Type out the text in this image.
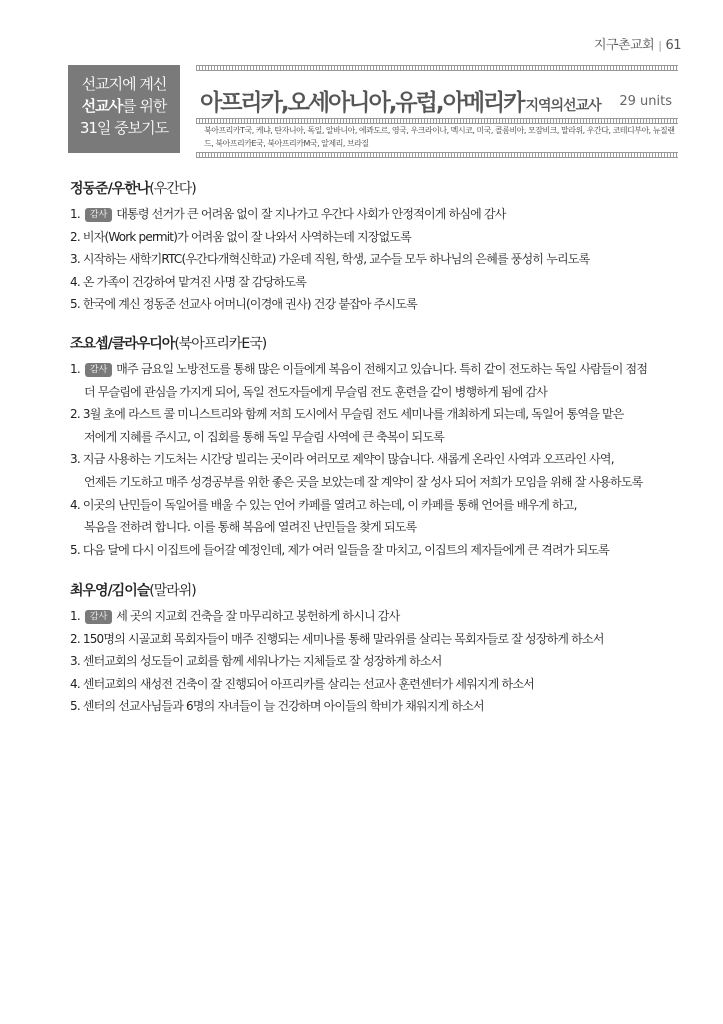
지구촌교회 | 61
선교지에 계신
선교사를 위한
31일 중보기도
아프리카,오세아니아,유럽,아메리카 지역의선교사 29 units
북아프리카T국, 케냐, 탄자니아, 독일, 알바니아, 에콰도르, 영국, 우크라이나, 멕시코, 미국, 콜롬비아, 모잠비크, 말라위, 우간다, 코테디부아, 뉴질랜드, 북아프리카E국, 북아프리카M국, 알제리, 브라질
정동준/우한나(우간다)
1. 감사 대통령 선거가 큰 어려움 없이 잘 지나가고 우간다 사회가 안정적이게 하심에 감사
2. 비자(Work permit)가 어려움 없이 잘 나와서 사역하는데 지장없도록
3. 시작하는 새학기RTC(우간다개혁신학교) 가운데 직원, 학생, 교수들 모두 하나님의 은혜를 풍성히 누리도록
4. 온 가족이 건강하여 맡겨진 사명 잘 감당하도록
5. 한국에 계신 정동준 선교사 어머니(이경애 권사) 건강 붙잡아 주시도록
조요셉/클라우디아(북아프리카E국)
1. 감사 매주 금요일 노방전도를 통해 많은 이들에게 복음이 전해지고 있습니다. 특히 같이 전도하는 독일 사람들이 점점
더 무슬림에 관심을 가지게 되어, 독일 전도자들에게 무슬림 전도 훈련을 같이 병행하게 됨에 감사
2. 3월 초에 라스트 콜 미니스트리와 함께 저희 도시에서 무슬림 전도 세미나를 개최하게 되는데, 독일어 통역을 맡은
저에게 지혜를 주시고, 이 집회를 통해 독일 무슬림 사역에 큰 축복이 되도록
3. 지금 사용하는 기도처는 시간당 빌리는 곳이라 여러모로 제약이 많습니다. 새롭게 온라인 사역과 오프라인 사역,
언제든 기도하고 매주 성경공부를 위한 좋은 곳을 보았는데 잘 계약이 잘 성사 되어 저희가 모임을 위해 잘 사용하도록
4. 이곳의 난민들이 독일어를 배울 수 있는 언어 카페를 열려고 하는데, 이 카페를 통해 언어를 배우게 하고,
복음을 전하려 합니다. 이를 통해 복음에 열려진 난민들을 찾게 되도록
5. 다음 달에 다시 이집트에 들어갈 예정인데, 제가 여러 일들을 잘 마치고, 이집트의 제자들에게 큰 격려가 되도록
최우영/김이슬(말라위)
1. 감사 세 곳의 지교회 건축을 잘 마무리하고 봉헌하게 하시니 감사
2. 150명의 시골교회 목회자들이 매주 진행되는 세미나를 통해 말라위를 살리는 목회자들로 잘 성장하게 하소서
3. 센터교회의 성도들이 교회를 함께 세워나가는 지체들로 잘 성장하게 하소서
4. 센터교회의 새성전 건축이 잘 진행되어 아프리카를 살리는 선교사 훈련센터가 세워지게 하소서
5. 센터의 선교사님들과 6명의 자녀들이 늘 건강하며 아이들의 학비가 채워지게 하소서
